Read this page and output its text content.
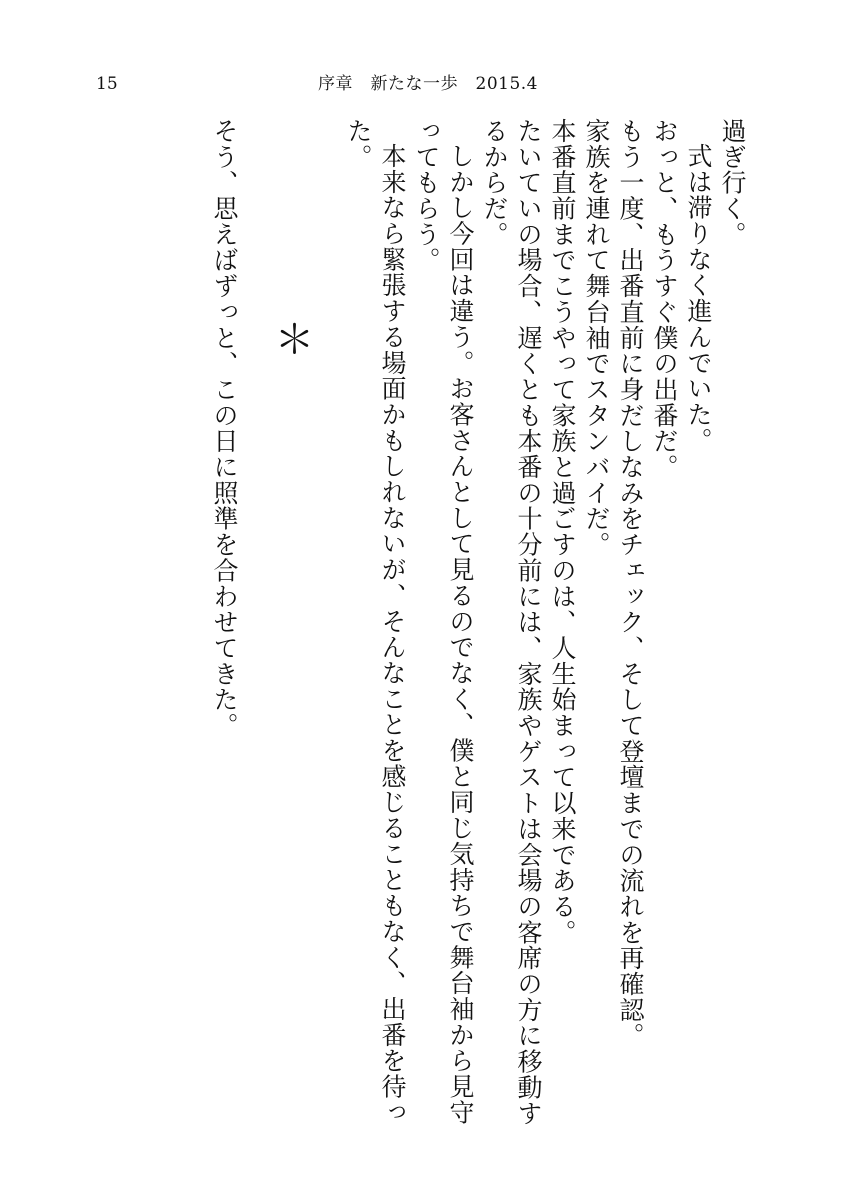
15	序章　新たな一歩　2015.4

過ぎ行く。

式は滞りなく進んでいた。

おっと、もうすぐ僕の出番だ。

もう一度、出番直前に身だしなみをチェック、そして登壇までの流れを再確認。

家族を連れて舞台袖でスタンバイだ。

本番直前までこうやって家族と過ごすのは、人生始まって以来である。

たいていの場合、遅くとも本番の十分前には、家族やゲストは会場の客席の方に移動するからだ。

しかし今回は違う。お客さんとして見るのでなく、僕と同じ気持ちで舞台袖から見守ってもらう。

本来なら緊張する場面かもしれないが、そんなことを感じることもなく、出番を待った。

＊

そう、思えばずっと、この日に照準を合わせてきた。
